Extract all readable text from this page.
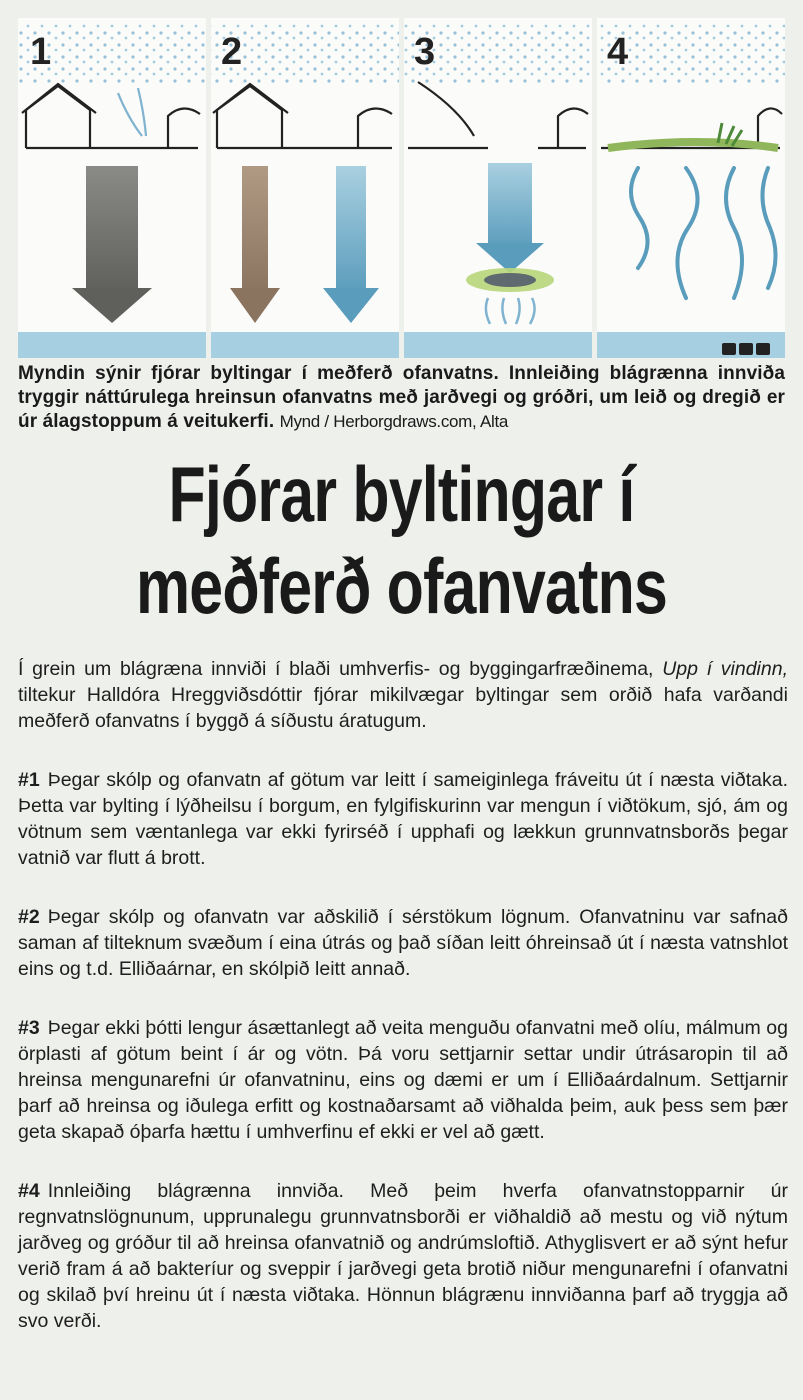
1	2	3	4
Myndin sýnir fjórar byltingar í meðferð ofanvatns. Innleiðing blágrænna innviða tryggir náttúrulega hreinsun ofanvatns með jarðvegi og gróðri, um leið og dregið er úr álagstoppum á veitukerfi. Mynd / Herborgdraws.com, Alta
Fjórar byltingar í
meðferð ofanvatns

Í grein um blágræna innviði í blaði umhverfis- og byggingarfræðinema, Upp í vindinn, tiltekur Halldóra Hreggviðsdóttir fjórar mikilvægar byltingar sem orðið hafa varðandi meðferð ofanvatns í byggð á síðustu áratugum.

#1 Þegar skólp og ofanvatn af götum var leitt í sameiginlega fráveitu út í næsta viðtaka. Þetta var bylting í lýðheilsu í borgum, en fylgifiskurinn var mengun í viðtökum, sjó, ám og vötnum sem væntanlega var ekki fyrirséð í upphafi og lækkun grunnvatnsborðs þegar vatnið var flutt á brott.

#2 Þegar skólp og ofanvatn var aðskilið í sérstökum lögnum. Ofanvatninu var safnað saman af tilteknum svæðum í eina útrás og það síðan leitt óhreinsað út í næsta vatnshlot eins og t.d. Elliðaárnar, en skólpið leitt annað.

#3 Þegar ekki þótti lengur ásættanlegt að veita menguðu ofanvatni með olíu, málmum og örplasti af götum beint í ár og vötn. Þá voru settjarnir settar undir útrásaropin til að hreinsa mengunarefni úr ofanvatninu, eins og dæmi er um í Elliðaárdalnum. Settjarnir þarf að hreinsa og iðulega erfitt og kostnaðarsamt að viðhalda þeim, auk þess sem þær geta skapað óþarfa hættu í umhverfinu ef ekki er vel að gætt.

#4 Innleiðing blágrænna innviða. Með þeim hverfa ofanvatnstopparnir úr regnvatnslögnunum, upprunalegu grunnvatnsborði er viðhaldið að mestu og við nýtum jarðveg og gróður til að hreinsa ofanvatnið og andrúmsloftið. Athyglisvert er að sýnt hefur verið fram á að bakteríur og sveppir í jarðvegi geta brotið niður mengunarefni í ofanvatni og skilað því hreinu út í næsta viðtaka. Hönnun blágrænu innviðanna þarf að tryggja að svo verði.
